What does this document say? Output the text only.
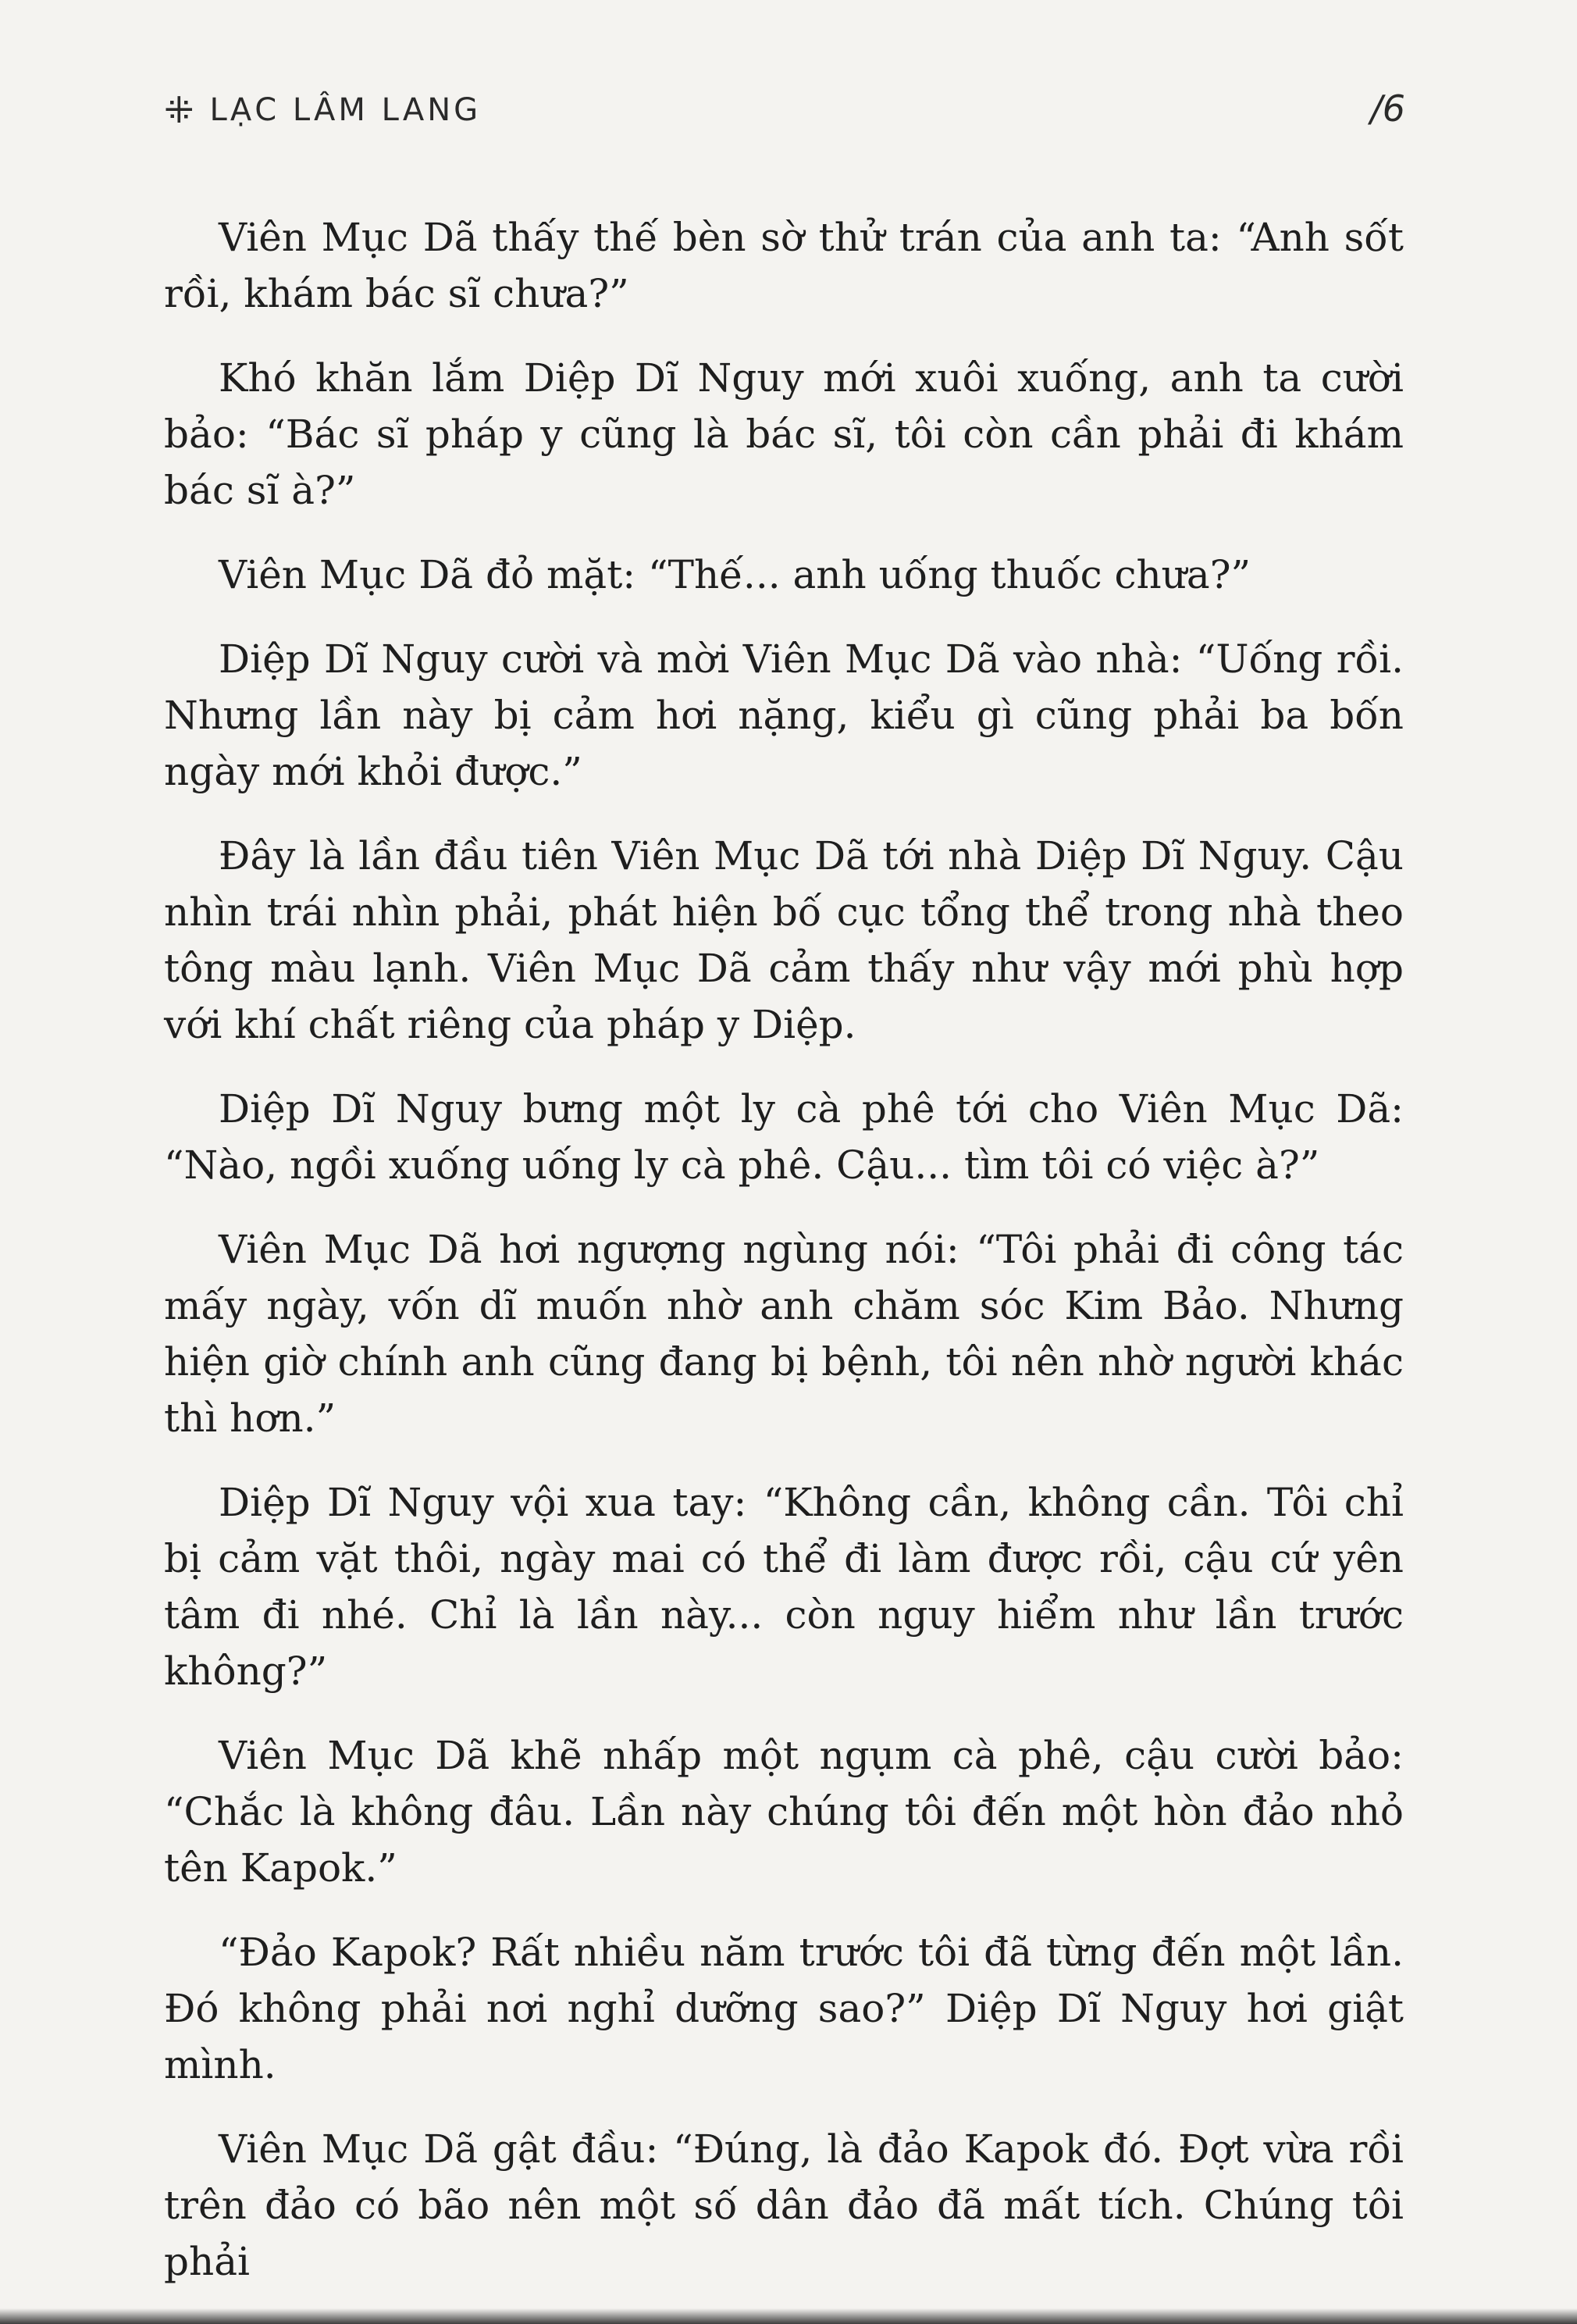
⁜ LẠC LÂM LANG	/6

Viên Mục Dã thấy thế bèn sờ thử trán của anh ta: “Anh sốt rồi, khám bác sĩ chưa?”

Khó khăn lắm Diệp Dĩ Nguy mới xuôi xuống, anh ta cười bảo: “Bác sĩ pháp y cũng là bác sĩ, tôi còn cần phải đi khám bác sĩ à?”

Viên Mục Dã đỏ mặt: “Thế... anh uống thuốc chưa?”

Diệp Dĩ Nguy cười và mời Viên Mục Dã vào nhà: “Uống rồi. Nhưng lần này bị cảm hơi nặng, kiểu gì cũng phải ba bốn ngày mới khỏi được.”

Đây là lần đầu tiên Viên Mục Dã tới nhà Diệp Dĩ Nguy. Cậu nhìn trái nhìn phải, phát hiện bố cục tổng thể trong nhà theo tông màu lạnh. Viên Mục Dã cảm thấy như vậy mới phù hợp với khí chất riêng của pháp y Diệp.

Diệp Dĩ Nguy bưng một ly cà phê tới cho Viên Mục Dã: “Nào, ngồi xuống uống ly cà phê. Cậu... tìm tôi có việc à?”

Viên Mục Dã hơi ngượng ngùng nói: “Tôi phải đi công tác mấy ngày, vốn dĩ muốn nhờ anh chăm sóc Kim Bảo. Nhưng hiện giờ chính anh cũng đang bị bệnh, tôi nên nhờ người khác thì hơn.”

Diệp Dĩ Nguy vội xua tay: “Không cần, không cần. Tôi chỉ bị cảm vặt thôi, ngày mai có thể đi làm được rồi, cậu cứ yên tâm đi nhé. Chỉ là lần này... còn nguy hiểm như lần trước không?”

Viên Mục Dã khẽ nhấp một ngụm cà phê, cậu cười bảo: “Chắc là không đâu. Lần này chúng tôi đến một hòn đảo nhỏ tên Kapok.”

“Đảo Kapok? Rất nhiều năm trước tôi đã từng đến một lần. Đó không phải nơi nghỉ dưỡng sao?” Diệp Dĩ Nguy hơi giật mình.

Viên Mục Dã gật đầu: “Đúng, là đảo Kapok đó. Đợt vừa rồi trên đảo có bão nên một số dân đảo đã mất tích. Chúng tôi phải
